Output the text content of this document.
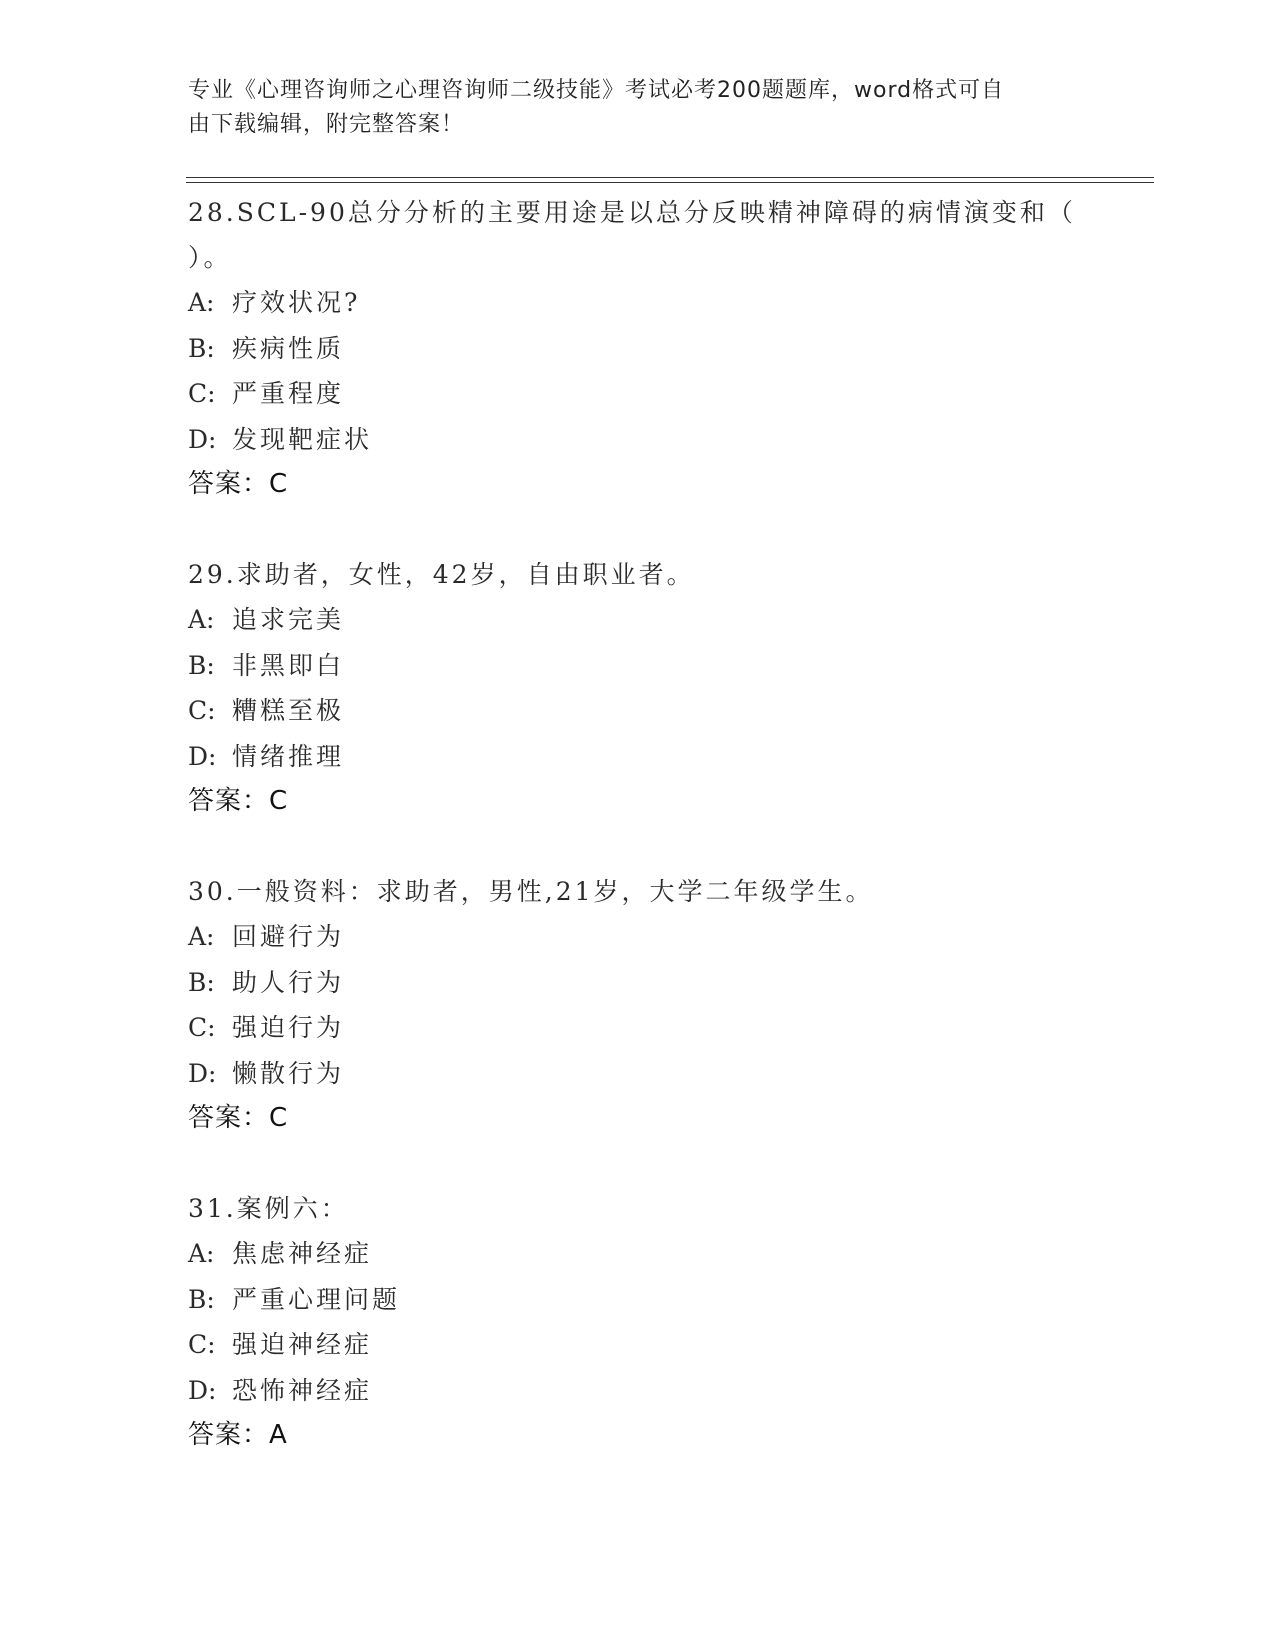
专业《心理咨询师之心理咨询师二级技能》考试必考200题题库，word格式可自
由下载编辑，附完整答案！
28.SCL-90总分分析的主要用途是以总分反映精神障碍的病情演变和（
）。
A: 疗效状况?
B: 疾病性质
C: 严重程度
D: 发现靶症状
答案：C
29.求助者，女性，42岁，自由职业者。
A: 追求完美
B: 非黑即白
C: 糟糕至极
D: 情绪推理
答案：C
30.一般资料：求助者，男性,21岁，大学二年级学生。
A: 回避行为
B: 助人行为
C: 强迫行为
D: 懒散行为
答案：C
31.案例六：
A: 焦虑神经症
B: 严重心理问题
C: 强迫神经症
D: 恐怖神经症
答案：A
